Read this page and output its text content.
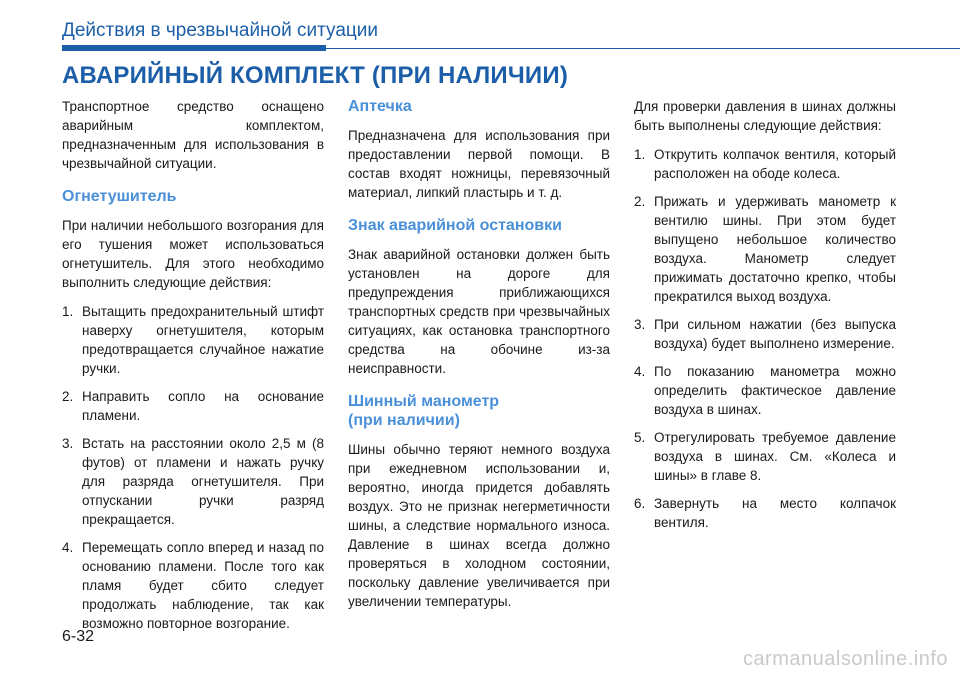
Действия в чрезвычайной ситуации
АВАРИЙНЫЙ КОМПЛЕКТ (ПРИ НАЛИЧИИ)

Транспортное средство оснащено аварийным комплектом, предназначенным для использования в чрезвычайной ситуации.

Огнетушитель

При наличии небольшого возгорания для его тушения может использоваться огнетушитель. Для этого необходимо выполнить следующие действия:

1. Вытащить предохранительный штифт наверху огнетушителя, которым предотвращается случайное нажатие ручки.
2. Направить сопло на основание пламени.
3. Встать на расстоянии около 2,5 м (8 футов) от пламени и нажать ручку для разряда огнетушителя. При отпускании ручки разряд прекращается.
4. Перемещать сопло вперед и назад по основанию пламени. После того как пламя будет сбито следует продолжать наблюдение, так как возможно повторное возгорание.
Аптечка

Предназначена для использования при предоставлении первой помощи. В состав входят ножницы, перевязочный материал, липкий пластырь и т. д.

Знак аварийной остановки

Знак аварийной остановки должен быть установлен на дороге для предупреждения приближающихся транспортных средств при чрезвычайных ситуациях, как остановка транспортного средства на обочине из-за неисправности.

Шинный манометр
(при наличии)

Шины обычно теряют немного воздуха при ежедневном использовании и, вероятно, иногда придется добавлять воздух. Это не признак негерметичности шины, а следствие нормального износа. Давление в шинах всегда должно проверяться в холодном состоянии, поскольку давление увеличивается при увеличении температуры.

Для проверки давления в шинах должны быть выполнены следующие действия:

1. Открутить колпачок вентиля, который расположен на ободе колеса.
2. Прижать и удерживать манометр к вентилю шины. При этом будет выпущено небольшое количество воздуха. Манометр следует прижимать достаточно крепко, чтобы прекратился выход воздуха.
3. При сильном нажатии (без выпуска воздуха) будет выполнено измерение.
4. По показанию манометра можно определить фактическое давление воздуха в шинах.
5. Отрегулировать требуемое давление воздуха в шинах. См. «Колеса и шины» в главе 8.
6. Завернуть на место колпачок вентиля.

6-32

carmanualsonline.info
